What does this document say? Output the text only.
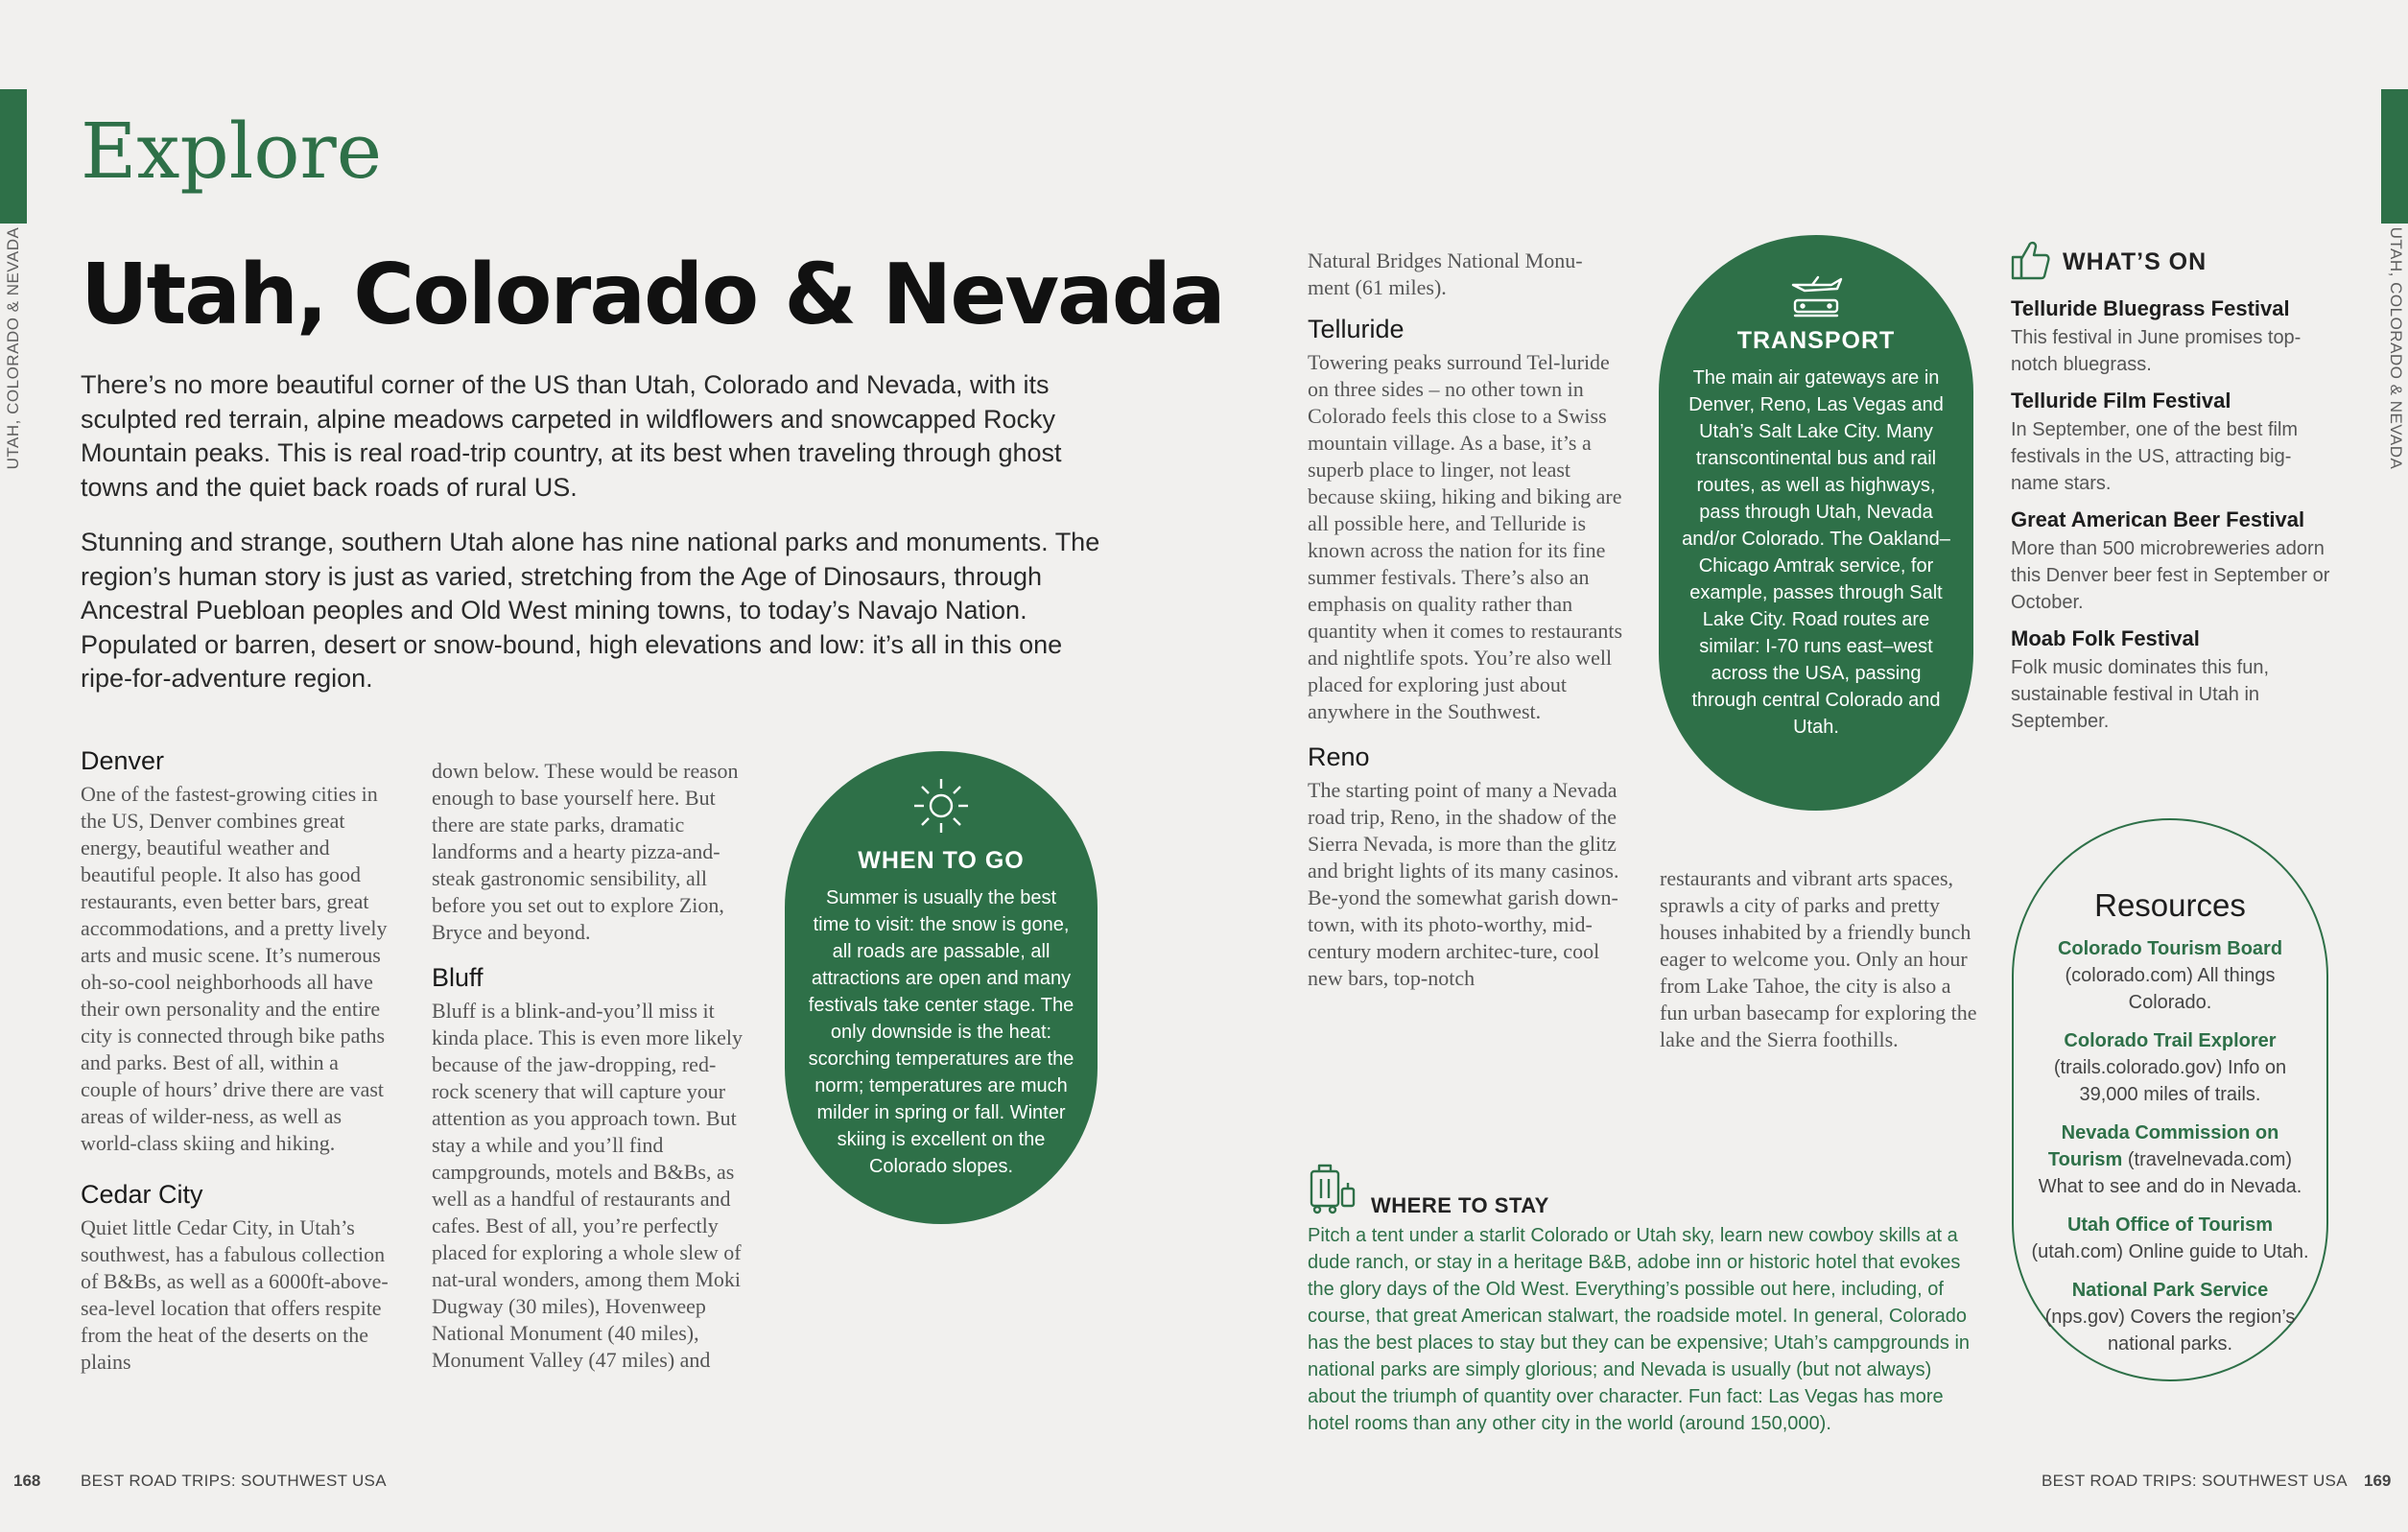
UTAH, COLORADO & NEVADA	UTAH, COLORADO & NEVADA
Explore
Utah, Colorado & Nevada

There’s no more beautiful corner of the US than Utah, Colorado and Nevada, with its sculpted red terrain, alpine meadows carpeted in wildflowers and snowcapped Rocky Mountain peaks. This is real road-trip country, at its best when traveling through ghost towns and the quiet back roads of rural US.

Stunning and strange, southern Utah alone has nine national parks and monuments. The region’s human story is just as varied, stretching from the Age of Dinosaurs, through Ancestral Puebloan peoples and Old West mining towns, to today’s Navajo Nation. Populated or barren, desert or snow-bound, high elevations and low: it’s all in this one ripe-for-adventure region.

Denver

One of the fastest-growing cities in the US, Denver combines great energy, beautiful weather and beautiful people. It also has good restaurants, even better bars, great accommodations, and a pretty lively arts and music scene. It’s numerous oh-so-cool neighborhoods all have their own personality and the entire city is connected through bike paths and parks. Best of all, within a couple of hours’ drive there are vast areas of wilder-ness, as well as world-class skiing and hiking.

Cedar City

Quiet little Cedar City, in Utah’s southwest, has a fabulous collection of B&Bs, as well as a 6000ft-above-sea-level location that offers respite from the heat of the deserts on the plains

down below. These would be reason enough to base yourself here. But there are state parks, dramatic landforms and a hearty pizza-and-steak gastronomic sensibility, all before you set out to explore Zion, Bryce and beyond.

Bluff

Bluff is a blink-and-you’ll miss it kinda place. This is even more likely because of the jaw-dropping, red-rock scenery that will capture your attention as you approach town. But stay a while and you’ll find campgrounds, motels and B&Bs, as well as a handful of restaurants and cafes. Best of all, you’re perfectly placed for exploring a whole slew of nat-ural wonders, among them Moki Dugway (30 miles), Hovenweep National Monument (40 miles), Monument Valley (47 miles) and

WHEN TO GO
Summer is usually the best time to visit: the snow is gone, all roads are passable, all attractions are open and many festivals take center stage. The only downside is the heat: scorching temperatures are the norm; temperatures are much milder in spring or fall. Winter skiing is excellent on the Colorado slopes.

Natural Bridges National Monu-ment (61 miles).

Telluride

Towering peaks surround Tel-luride on three sides – no other town in Colorado feels this close to a Swiss mountain village. As a base, it’s a superb place to linger, not least because skiing, hiking and biking are all possible here, and Telluride is known across the nation for its fine summer festivals. There’s also an emphasis on quality rather than quantity when it comes to restaurants and nightlife spots. You’re also well placed for exploring just about anywhere in the Southwest.

Reno

The starting point of many a Nevada road trip, Reno, in the shadow of the Sierra Nevada, is more than the glitz and bright lights of its many casinos. Be-yond the somewhat garish down-town, with its photo-worthy, mid-century modern architec-ture, cool new bars, top-notch

restaurants and vibrant arts spaces, sprawls a city of parks and pretty houses inhabited by a friendly bunch eager to welcome you. Only an hour from Lake Tahoe, the city is also a fun urban basecamp for exploring the lake and the Sierra foothills.

TRANSPORT
The main air gateways are in Denver, Reno, Las Vegas and Utah’s Salt Lake City. Many transcontinental bus and rail routes, as well as highways, pass through Utah, Nevada and/or Colorado. The Oakland–Chicago Amtrak service, for example, passes through Salt Lake City. Road routes are similar: I-70 runs east–west across the USA, passing through central Colorado and Utah.
WHAT’S ON
Telluride Bluegrass Festival
This festival in June promises top-notch bluegrass.
Telluride Film Festival
In September, one of the best film festivals in the US, attracting big-name stars.
Great American Beer Festival
More than 500 microbreweries adorn this Denver beer fest in September or October.
Moab Folk Festival
Folk music dominates this fun, sustainable festival in Utah in September.
WHERE TO STAY
Pitch a tent under a starlit Colorado or Utah sky, learn new cowboy skills at a dude ranch, or stay in a heritage B&B, adobe inn or historic hotel that evokes the glory days of the Old West. Everything’s possible out here, including, of course, that great American stalwart, the roadside motel. In general, Colorado has the best places to stay but they can be expensive; Utah’s campgrounds in national parks are simply glorious; and Nevada is usually (but not always) about the triumph of quantity over character. Fun fact: Las Vegas has more hotel rooms than any other city in the world (around 150,000).
Resources
Colorado Tourism Board (colorado.com) All things Colorado.
Colorado Trail Explorer (trails.colorado.gov) Info on 39,000 miles of trails.
Nevada Commission on Tourism (travelnevada.com) What to see and do in Nevada.
Utah Office of Tourism (utah.com) Online guide to Utah.
National Park Service (nps.gov) Covers the region’s national parks.
168 BEST ROAD TRIPS: SOUTHWEST USA	BEST ROAD TRIPS: SOUTHWEST USA 169
